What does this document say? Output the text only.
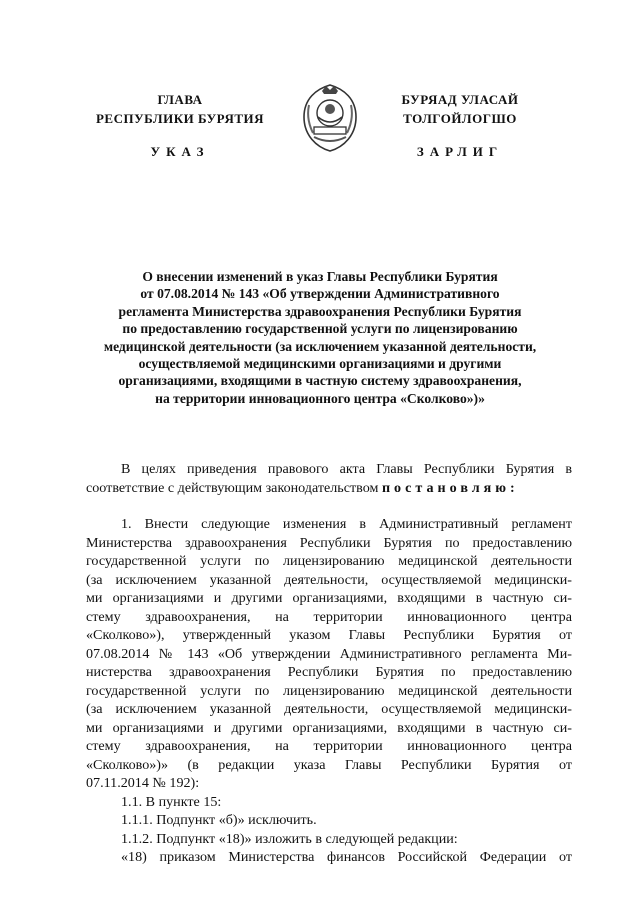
ГЛАВА
РЕСПУБЛИКИ БУРЯТИЯ
БУРЯАД УЛАСАЙ
ТОЛГОЙЛОГШО
УКАЗ	ЗАРЛИГ
О внесении изменений в указ Главы Республики Бурятия
от 07.08.2014 № 143 «Об утверждении Административного
регламента Министерства здравоохранения Республики Бурятия
по предоставлению государственной услуги по лицензированию
медицинской деятельности (за исключением указанной деятельности,
осуществляемой медицинскими организациями и другими
организациями, входящими в частную систему здравоохранения,
на территории инновационного центра «Сколково»)»
В целях приведения правового акта Главы Республики Бурятия в
соответствие с действующим законодательством постановляю:
1. Внести следующие изменения в Административный регламент
Министерства здравоохранения Республики Бурятия по предоставлению
государственной услуги по лицензированию медицинской деятельности
(за исключением указанной деятельности, осуществляемой медицински-
ми организациями и другими организациями, входящими в частную си-
стему здравоохранения, на территории инновационного центра
«Сколково»), утвержденный указом Главы Республики Бурятия от
07.08.2014 № 143 «Об утверждении Административного регламента Ми-
нистерства здравоохранения Республики Бурятия по предоставлению
государственной услуги по лицензированию медицинской деятельности
(за исключением указанной деятельности, осуществляемой медицински-
ми организациями и другими организациями, входящими в частную си-
стему здравоохранения, на территории инновационного центра
«Сколково»)» (в редакции указа Главы Республики Бурятия от
07.11.2014 № 192):
1.1. В пункте 15:
1.1.1. Подпункт «б)» исключить.
1.1.2. Подпункт «18)» изложить в следующей редакции:
«18) приказом Министерства финансов Российской Федерации от
